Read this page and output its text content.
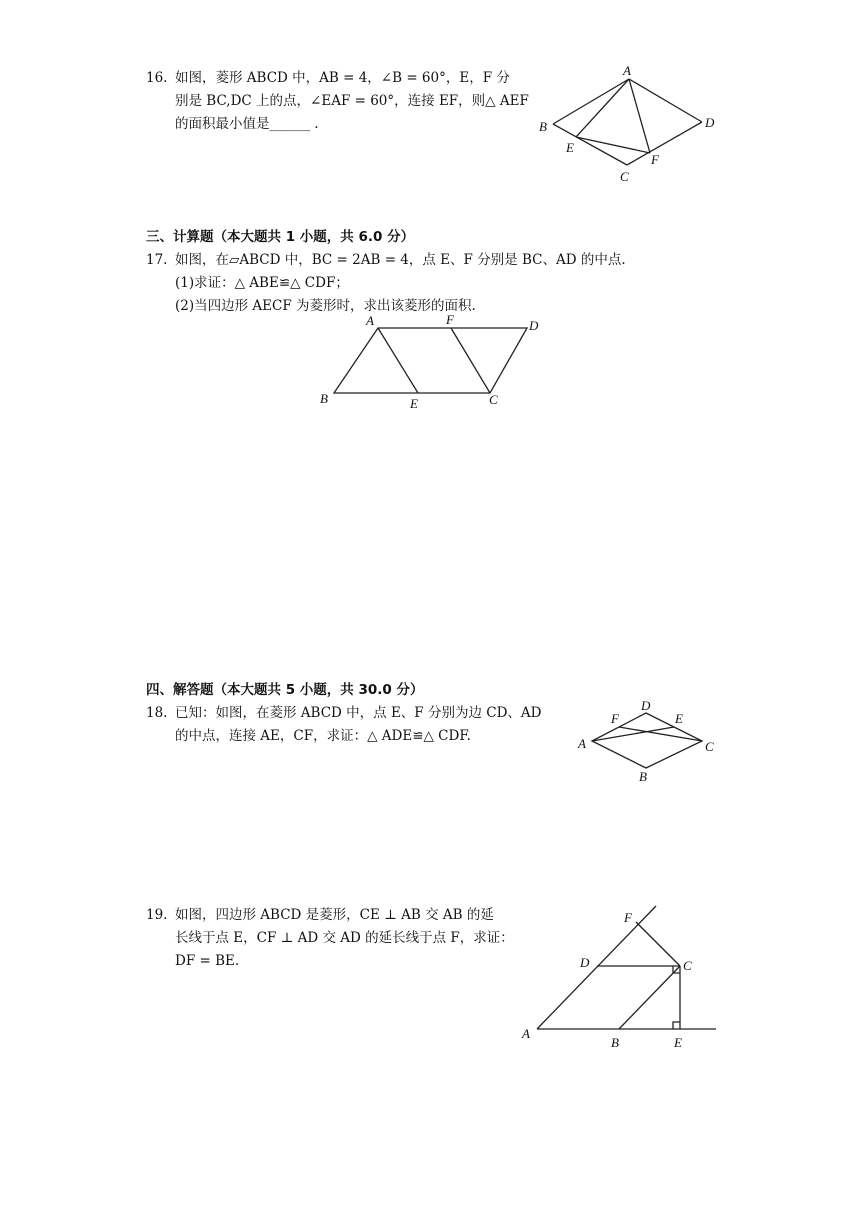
16. 如图，菱形 ABCD 中，AB = 4，∠B = 60°，E，F 分
别是 BC,DC 上的点，∠EAF = 60°，连接 EF，则△ AEF
的面积最小值是______ .
A
B
C
D
E
F
三、计算题（本大题共 1 小题，共 6.0 分）
17. 如图，在▱ABCD 中，BC = 2AB = 4，点 E、F 分别是 BC、AD 的中点.
(1)求证：△ ABE≌△ CDF；
(2)当四边形 AECF 为菱形时，求出该菱形的面积.
A	F	D
B	E	C
四、解答题（本大题共 5 小题，共 30.0 分）
18. 已知：如图，在菱形 ABCD 中，点 E、F 分别为边 CD、AD
的中点，连接 AE，CF，求证：△ ADE≌△ CDF.
D
F	E
A	C
B
19. 如图，四边形 ABCD 是菱形，CE ⊥ AB 交 AB 的延
长线于点 E，CF ⊥ AD 交 AD 的延长线于点 F，求证：
DF = BE.
F
D	C
A
B	E
